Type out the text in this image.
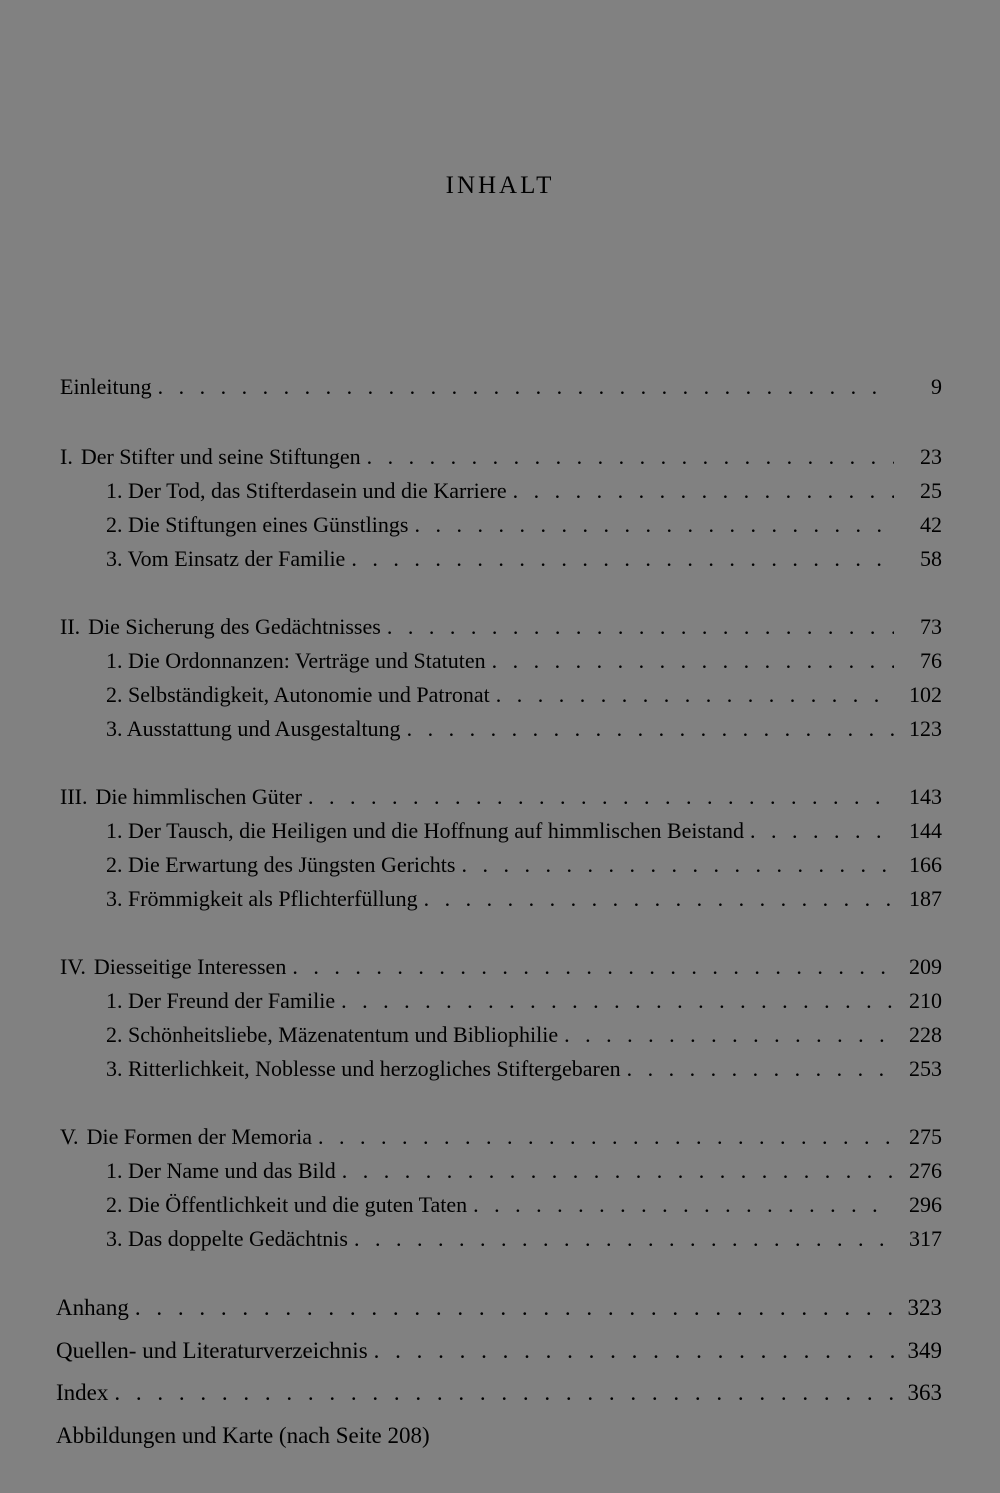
INHALT
Einleitung . . .	9
I. Der Stifter und seine Stiftungen . . .	23
1. Der Tod, das Stifterdasein und die Karriere . . .	25
2. Die Stiftungen eines Günstlings . . .	42
3. Vom Einsatz der Familie . . .	58
II. Die Sicherung des Gedächtnisses . . .	73
1. Die Ordonnanzen: Verträge und Statuten . . .	76
2. Selbständigkeit, Autonomie und Patronat . . .	102
3. Ausstattung und Ausgestaltung . . .	123
III. Die himmlischen Güter . . .	143
1. Der Tausch, die Heiligen und die Hoffnung auf himmlischen Beistand . . .	144
2. Die Erwartung des Jüngsten Gerichts . . .	166
3. Frömmigkeit als Pflichterfüllung . . .	187
IV. Diesseitige Interessen . . .	209
1. Der Freund der Familie . . .	210
2. Schönheitsliebe, Mäzenatentum und Bibliophilie . . .	228
3. Ritterlichkeit, Noblesse und herzogliches Stiftergebaren . . .	253
V. Die Formen der Memoria . . .	275
1. Der Name und das Bild . . .	276
2. Die Öffentlichkeit und die guten Taten . . .	296
3. Das doppelte Gedächtnis . . .	317
Anhang . . .	323
Quellen- und Literaturverzeichnis . . .	349
Index . . .	363
Abbildungen und Karte (nach Seite 208)
